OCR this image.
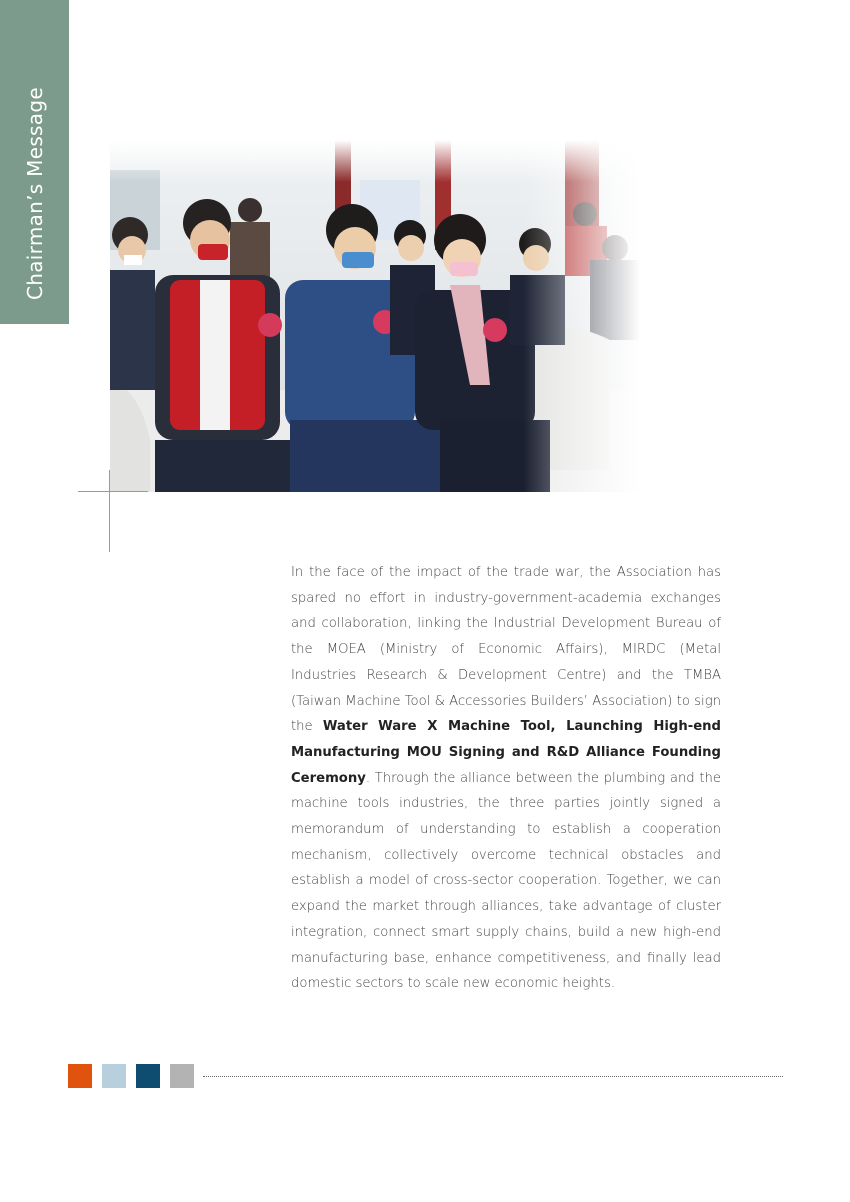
Chairman’s Message
In the face of the impact of the trade war, the Association has spared no effort in industry-government-academia exchanges and collaboration, linking the Industrial Development Bureau of the MOEA (Ministry of Economic Affairs), MIRDC (Metal Industries Research & Development Centre) and the TMBA (Taiwan Machine Tool & Accessories Builders’ Association) to sign the Water Ware X Machine Tool, Launching High-end Manufacturing MOU Signing and R&D Alliance Founding Ceremony. Through the alliance between the plumbing and the machine tools industries, the three parties jointly signed a memorandum of understanding to establish a cooperation mechanism, collectively overcome technical obstacles and establish a model of cross-sector cooperation. Together, we can expand the market through alliances, take advantage of cluster integration, connect smart supply chains, build a new high-end manufacturing base, enhance competitiveness, and finally lead domestic sectors to scale new economic heights.
